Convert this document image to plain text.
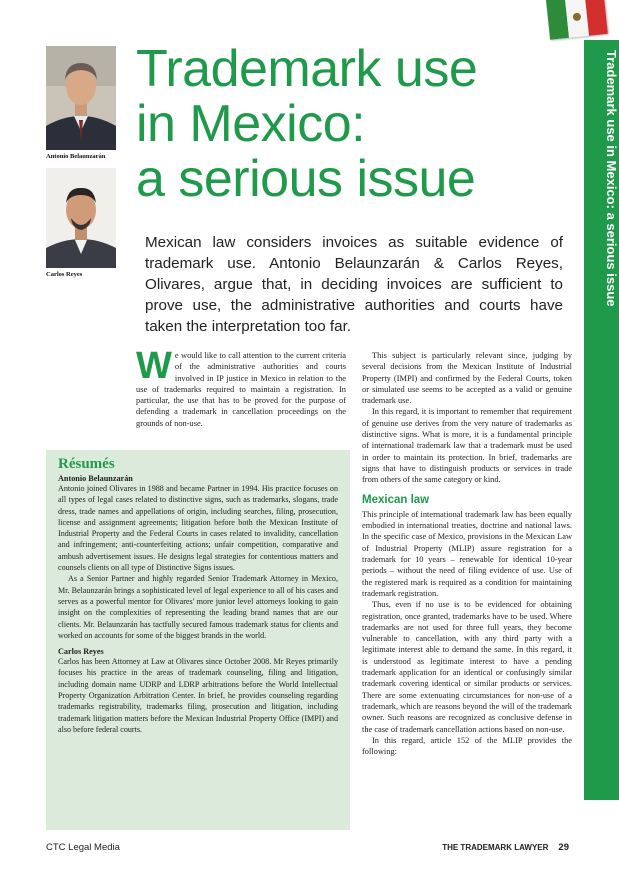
Trademark use in Mexico: a serious issue
Antonio Belaunzarán
Carlos Reyes
Trademark use
in Mexico:
a serious issue
Mexican law considers invoices as suitable evidence of trademark use. Antonio Belaunzarán & Carlos Reyes, Olivares, argue that, in deciding invoices are sufficient to prove use, the administrative authorities and courts have taken the interpretation too far.

We would like to call attention to the current criteria of the administrative authorities and courts involved in IP justice in Mexico in relation to the use of trademarks required to maintain a registration. In particular, the use that has to be proved for the purpose of defending a trademark in cancellation proceedings on the grounds of non-use.

Résumés
Antonio Belaunzarán

Antonio joined Olivares in 1988 and became Partner in 1994. His practice focuses on all types of legal cases related to distinctive signs, such as trademarks, slogans, trade dress, trade names and appellations of origin, including searches, filing, prosecution, license and assignment agreements; litigation before both the Mexican Institute of Industrial Property and the Federal Courts in cases related to invalidity, cancellation and infringement; anti-counterfeiting actions; unfair competition, comparative and ambush advertisement issues. He designs legal strategies for contentious matters and counsels clients on all type of Distinctive Signs issues.

As a Senior Partner and highly regarded Senior Trademark Attorney in Mexico, Mr. Belaunzarán brings a sophisticated level of legal experience to all of his cases and serves as a powerful mentor for Olivares' more junior level attorneys looking to gain insight on the complexities of representing the leading brand names that are our clients. Mr. Belaunzarán has tactfully secured famous trademark status for clients and worked on accounts for some of the biggest brands in the world.

Carlos Reyes

Carlos has been Attorney at Law at Olivares since October 2008. Mr Reyes primarily focuses his practice in the areas of trademark counseling, filing and litigation, including domain name UDRP and LDRP arbitrations before the World Intellectual Property Organization Arbitration Center. In brief, he provides counseling regarding trademarks registrability, trademarks filing, prosecution and litigation, including trademark litigation matters before the Mexican Industrial Property Office (IMPI) and also before federal courts.

This subject is particularly relevant since, judging by several decisions from the Mexican Institute of Industrial Property (IMPI) and confirmed by the Federal Courts, token or simulated use seems to be accepted as a valid or genuine trademark use.

In this regard, it is important to remember that requirement of genuine use derives from the very nature of trademarks as distinctive signs. What is more, it is a fundamental principle of international trademark law that a trademark must be used in order to maintain its protection. In brief, trademarks are signs that have to distinguish products or services in trade from others of the same category or kind.

Mexican law

This principle of international trademark law has been equally embodied in international treaties, doctrine and national laws. In the specific case of Mexico, provisions in the Mexican Law of Industrial Property (MLIP) assure registration for a trademark for 10 years – renewable for identical 10-year periods – without the need of filing evidence of use. Use of the registered mark is required as a condition for maintaining trademark registration.

Thus, even if no use is to be evidenced for obtaining registration, once granted, trademarks have to be used. Where trademarks are not used for three full years, they become vulnerable to cancellation, with any third party with a legitimate interest able to demand the same. In this regard, it is understood as legitimate interest to have a pending trademark application for an identical or confusingly similar trademark covering identical or similar products or services. There are some extenuating circumstances for non-use of a trademark, which are reasons beyond the will of the trademark owner. Such reasons are recognized as conclusive defense in the case of trademark cancellation actions based on non-use.

In this regard, article 152 of the MLIP provides the following:

CTC Legal Media	THE TRADEMARK LAWYER 29
